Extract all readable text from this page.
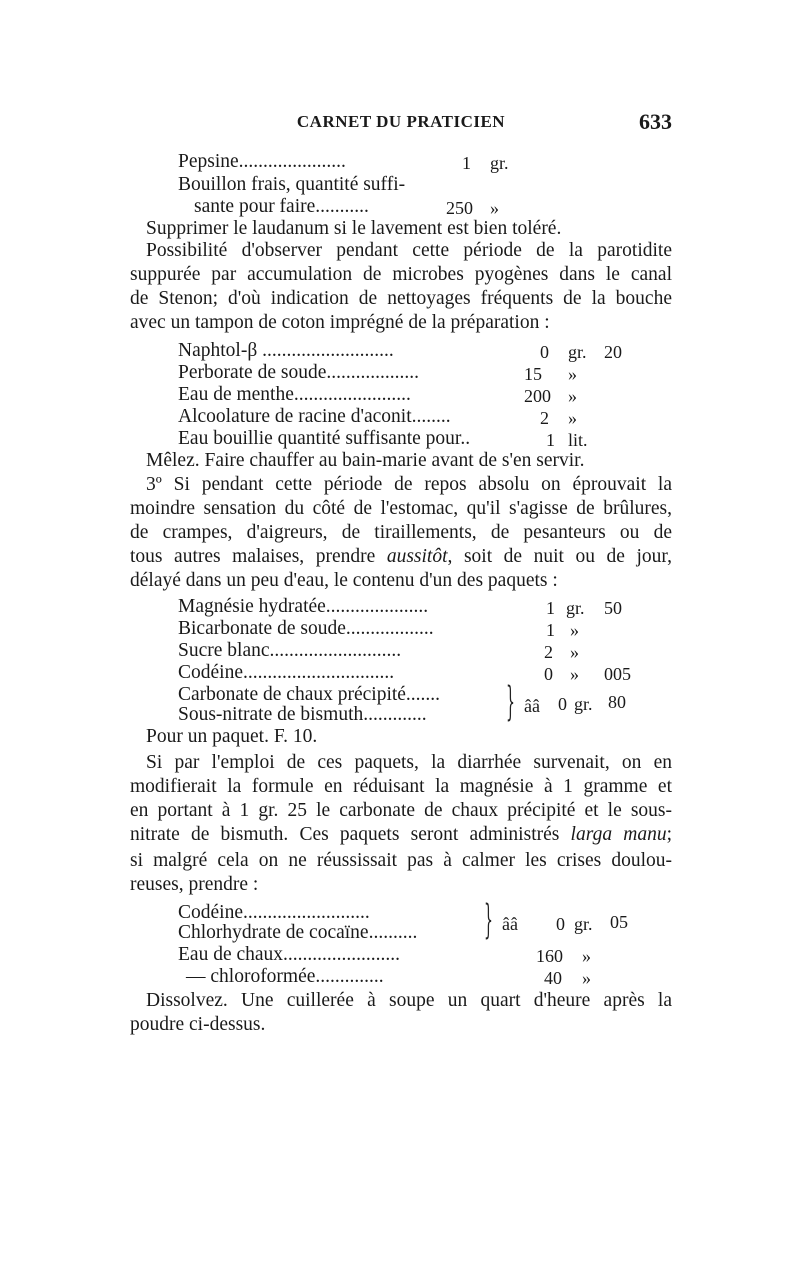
CARNET DU PRATICIEN	633
Pepsine......................	1 gr.
Bouillon frais, quantité suffi-
sante pour faire...........	250 »
Supprimer le laudanum si le lavement est bien toléré.
Possibilité d'observer pendant cette période de la parotidite
suppurée par accumulation de microbes pyogènes dans le canal
de Stenon; d'où indication de nettoyages fréquents de la bouche
avec un tampon de coton imprégné de la préparation :
Naphtol-β ...........................	0 gr. 20
Perborate de soude...................	15 »
Eau de menthe........................	200 »
Alcoolature de racine d'aconit........	2 »
Eau bouillie quantité suffisante pour..	1 lit.
Mêlez. Faire chauffer au bain-marie avant de s'en servir.
3º Si pendant cette période de repos absolu on éprouvait la
moindre sensation du côté de l'estomac, qu'il s'agisse de brûlures,
de crampes, d'aigreurs, de tiraillements, de pesanteurs ou de
tous autres malaises, prendre aussitôt, soit de nuit ou de jour,
délayé dans un peu d'eau, le contenu d'un des paquets :
Magnésie hydratée.....................	1 gr. 50
Bicarbonate de soude..................	1 »
Sucre blanc...........................	2 »
Codéine...............................	0 » 005
Carbonate de chaux précipité.......
Sous-nitrate de bismuth............. } ââ 0 gr. 80
Pour un paquet. F. 10.
Si par l'emploi de ces paquets, la diarrhée survenait, on en
modifierait la formule en réduisant la magnésie à 1 gramme et
en portant à 1 gr. 25 le carbonate de chaux précipité et le sous-
nitrate de bismuth. Ces paquets seront administrés larga manu;
si malgré cela on ne réussissait pas à calmer les crises doulou-
reuses, prendre :
Codéine..........................
Chlorhydrate de cocaïne.......... } ââ 0 gr. 05
Eau de chaux........................	160 »
— chloroformée..............	40 »
Dissolvez. Une cuillerée à soupe un quart d'heure après la
poudre ci-dessus.
